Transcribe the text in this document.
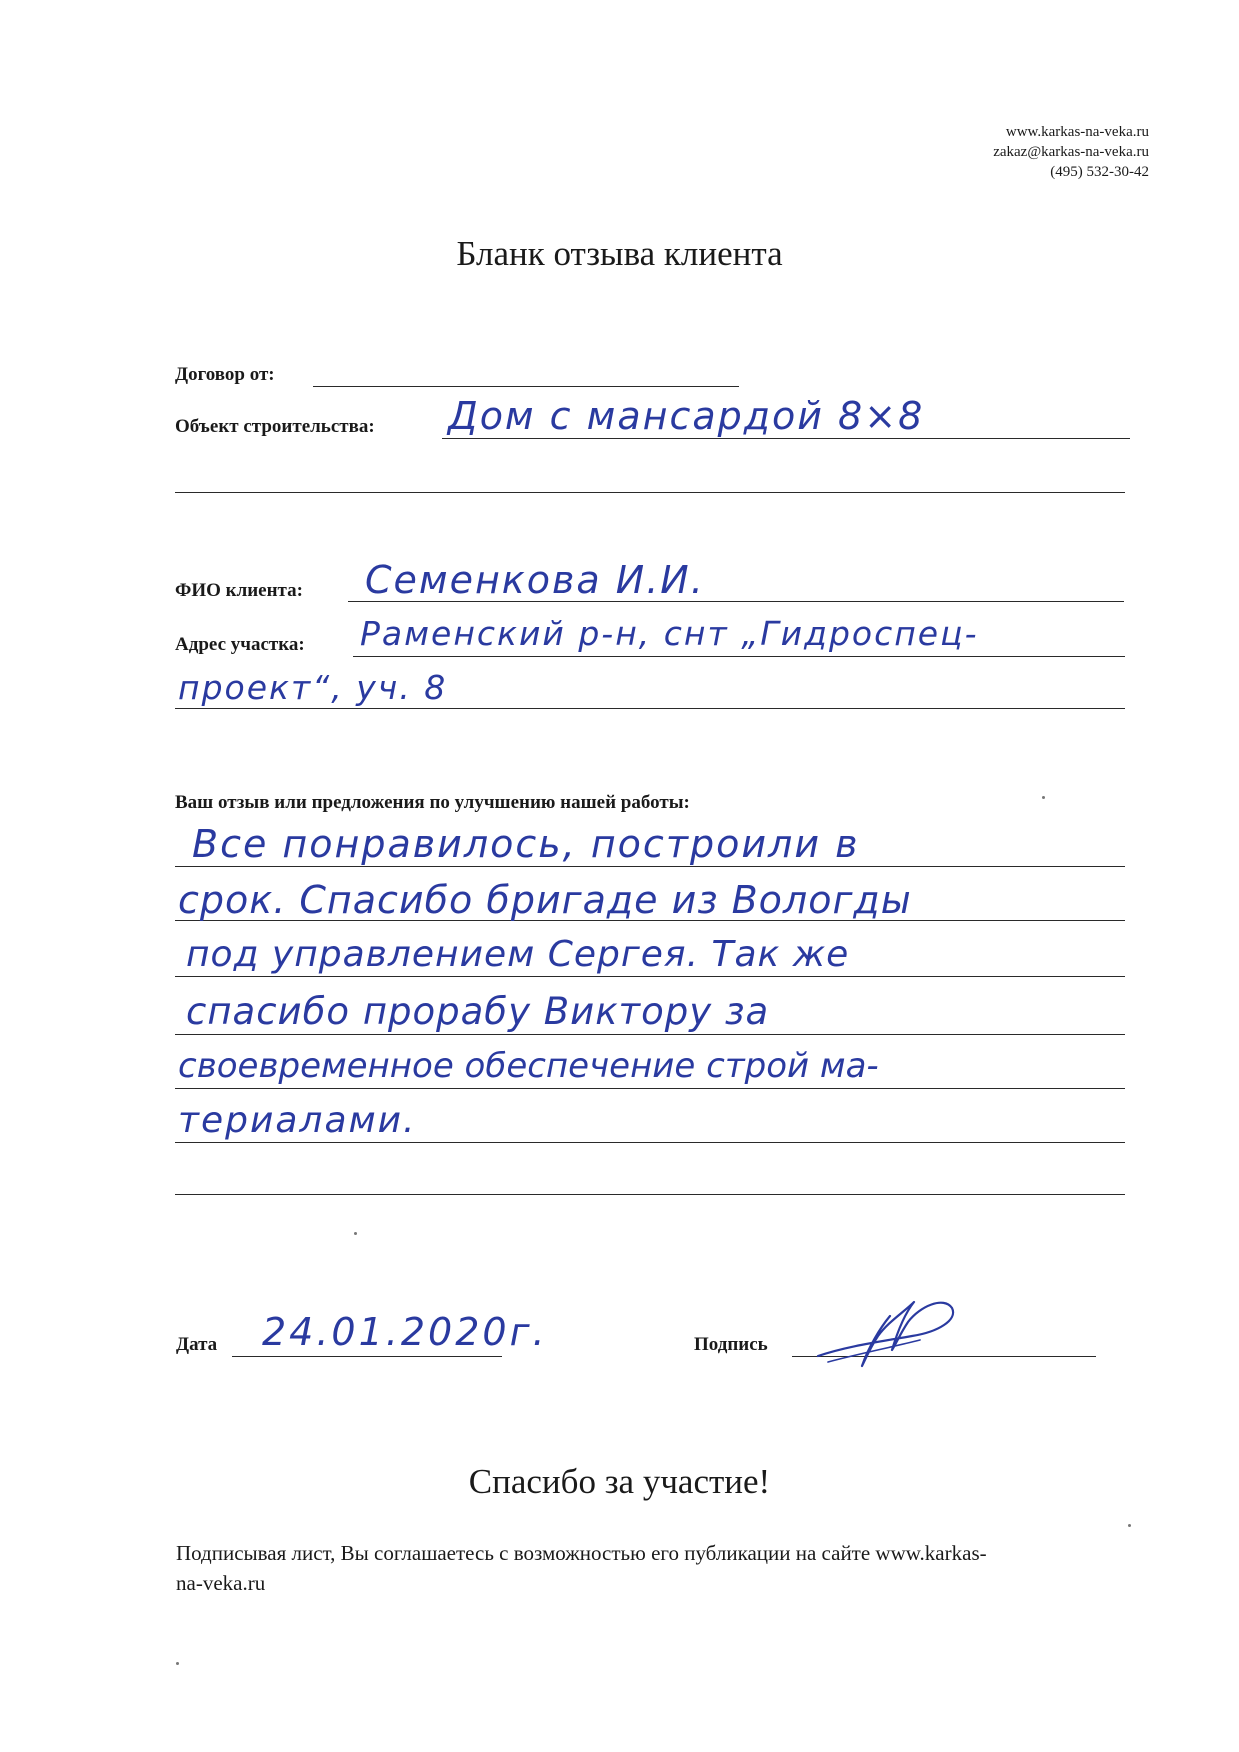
www.karkas-na-veka.ru
zakaz@karkas-na-veka.ru
(495) 532-30-42
Бланк отзыва клиента
Договор от:
Объект строительства: Дом с мансардой 8×8
ФИО клиента: Семенкова И.И.
Адрес участка: Раменский р-н, снт „Гидроспец-
проект“, уч. 8
Ваш отзыв или предложения по улучшению нашей работы:
Все понравилось, построили в
срок. Спасибо бригаде из Вологды
под управлением Сергея. Так же
спасибо прорабу Виктору за
своевременное обеспечение строй ма-
териалами.
Дата 24.01.2020г.	Подпись
Спасибо за участие!
Подписывая лист, Вы соглашаетесь с возможностью его публикации на сайте www.karkas-
na-veka.ru
